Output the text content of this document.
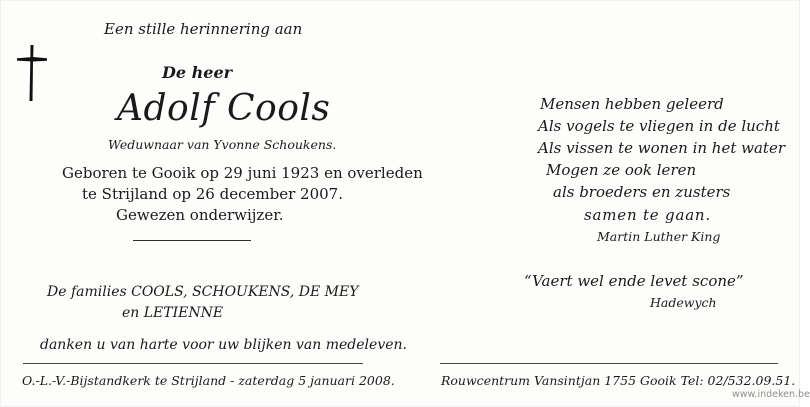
Een stille herinnering aan
De heer
Adolf Cools
Weduwnaar van Yvonne Schoukens.
Geboren te Gooik op 29 juni 1923 en overleden
te Strijland op 26 december 2007.
Gewezen onderwijzer.
De families COOLS, SCHOUKENS, DE MEY
en LETIENNE
danken u van harte voor uw blijken van medeleven.
O.-L.-V.-Bijstandkerk te Strijland - zaterdag 5 januari 2008.
Mensen hebben geleerd
Als vogels te vliegen in de lucht
Als vissen te wonen in het water
Mogen ze ook leren
als broeders en zusters
samen te gaan.
Martin Luther King
“Vaert wel ende levet scone”
Hadewych
Rouwcentrum Vansintjan 1755 Gooik Tel: 02/532.09.51.
www.indeken.be
